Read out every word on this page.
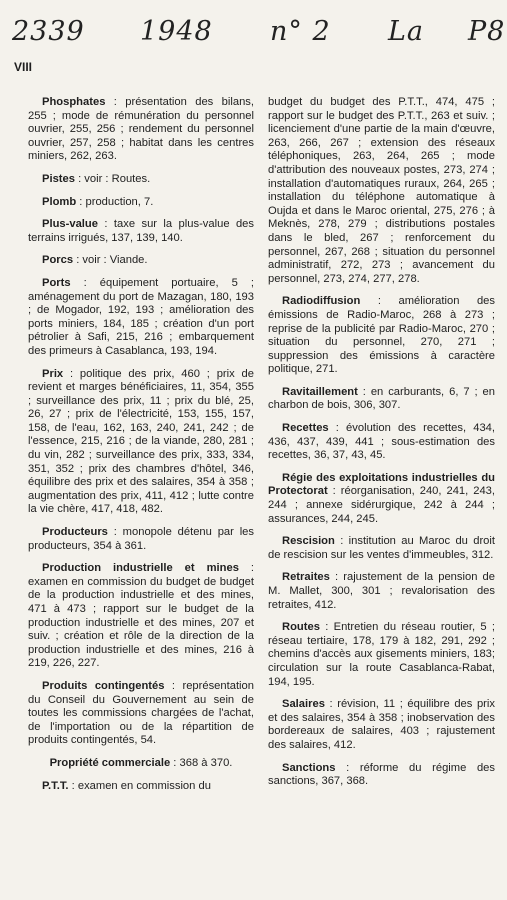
2339 1948 n° 2 La P8
VIII

Phosphates : présentation des bilans, 255 ; mode de rémunération du personnel ouvrier, 255, 256 ; rendement du personnel ouvrier, 257, 258 ; habitat dans les centres miniers, 262, 263.

Pistes : voir : Routes.

Plomb : production, 7.

Plus-value : taxe sur la plus-value des terrains irrigués, 137, 139, 140.

Porcs : voir : Viande.

Ports : équipement portuaire, 5 ; aménagement du port de Mazagan, 180, 193 ; de Mogador, 192, 193 ; amélioration des ports miniers, 184, 185 ; création d'un port pétrolier à Safi, 215, 216 ; embarquement des primeurs à Casablanca, 193, 194.

Prix : politique des prix, 460 ; prix de revient et marges bénéficiaires, 11, 354, 355 ; surveillance des prix, 11 ; prix du blé, 25, 26, 27 ; prix de l'électricité, 153, 155, 157, 158, de l'eau, 162, 163, 240, 241, 242 ; de l'essence, 215, 216 ; de la viande, 280, 281 ; du vin, 282 ; surveillance des prix, 333, 334, 351, 352 ; prix des chambres d'hôtel, 346, équilibre des prix et des salaires, 354 à 358 ; augmentation des prix, 411, 412 ; lutte contre la vie chère, 417, 418, 482.

Producteurs : monopole détenu par les producteurs, 354 à 361.

Production industrielle et mines : examen en commission du budget de budget de la production industrielle et des mines, 471 à 473 ; rapport sur le budget de la production industrielle et des mines, 207 et suiv. ; création et rôle de la direction de la production industrielle et des mines, 216 à 219, 226, 227.

Produits contingentés : représentation du Conseil du Gouvernement au sein de toutes les commissions chargées de l'achat, de l'importation ou de la répartition de produits contingentés, 54.

Propriété commerciale : 368 à 370.

P.T.T. : examen en commission du

budget du budget des P.T.T., 474, 475 ; rapport sur le budget des P.T.T., 263 et suiv. ; licenciement d'une partie de la main d'œuvre, 263, 266, 267 ; extension des réseaux téléphoniques, 263, 264, 265 ; mode d'attribution des nouveaux postes, 273, 274 ; installation d'automatiques ruraux, 264, 265 ; installation du téléphone automatique à Oujda et dans le Maroc oriental, 275, 276 ; à Meknès, 278, 279 ; distributions postales dans le bled, 267 ; renforcement du personnel, 267, 268 ; situation du personnel administratif, 272, 273 ; avancement du personnel, 273, 274, 277, 278.

Radiodiffusion : amélioration des émissions de Radio-Maroc, 268 à 273 ; reprise de la publicité par Radio-Maroc, 270 ; situation du personnel, 270, 271 ; suppression des émissions à caractère politique, 271.

Ravitaillement : en carburants, 6, 7 ; en charbon de bois, 306, 307.

Recettes : évolution des recettes, 434, 436, 437, 439, 441 ; sous-estimation des recettes, 36, 37, 43, 45.

Régie des exploitations industrielles du Protectorat : réorganisation, 240, 241, 243, 244 ; annexe sidérurgique, 242 à 244 ; assurances, 244, 245.

Rescision : institution au Maroc du droit de rescision sur les ventes d'immeubles, 312.

Retraites : rajustement de la pension de M. Mallet, 300, 301 ; revalorisation des retraites, 412.

Routes : Entretien du réseau routier, 5 ; réseau tertiaire, 178, 179 à 182, 291, 292 ; chemins d'accès aux gisements miniers, 183; circulation sur la route Casablanca-Rabat, 194, 195.

Salaires : révision, 11 ; équilibre des prix et des salaires, 354 à 358 ; inobservation des bordereaux de salaires, 403 ; rajustement des salaires, 412.

Sanctions : réforme du régime des sanctions, 367, 368.
